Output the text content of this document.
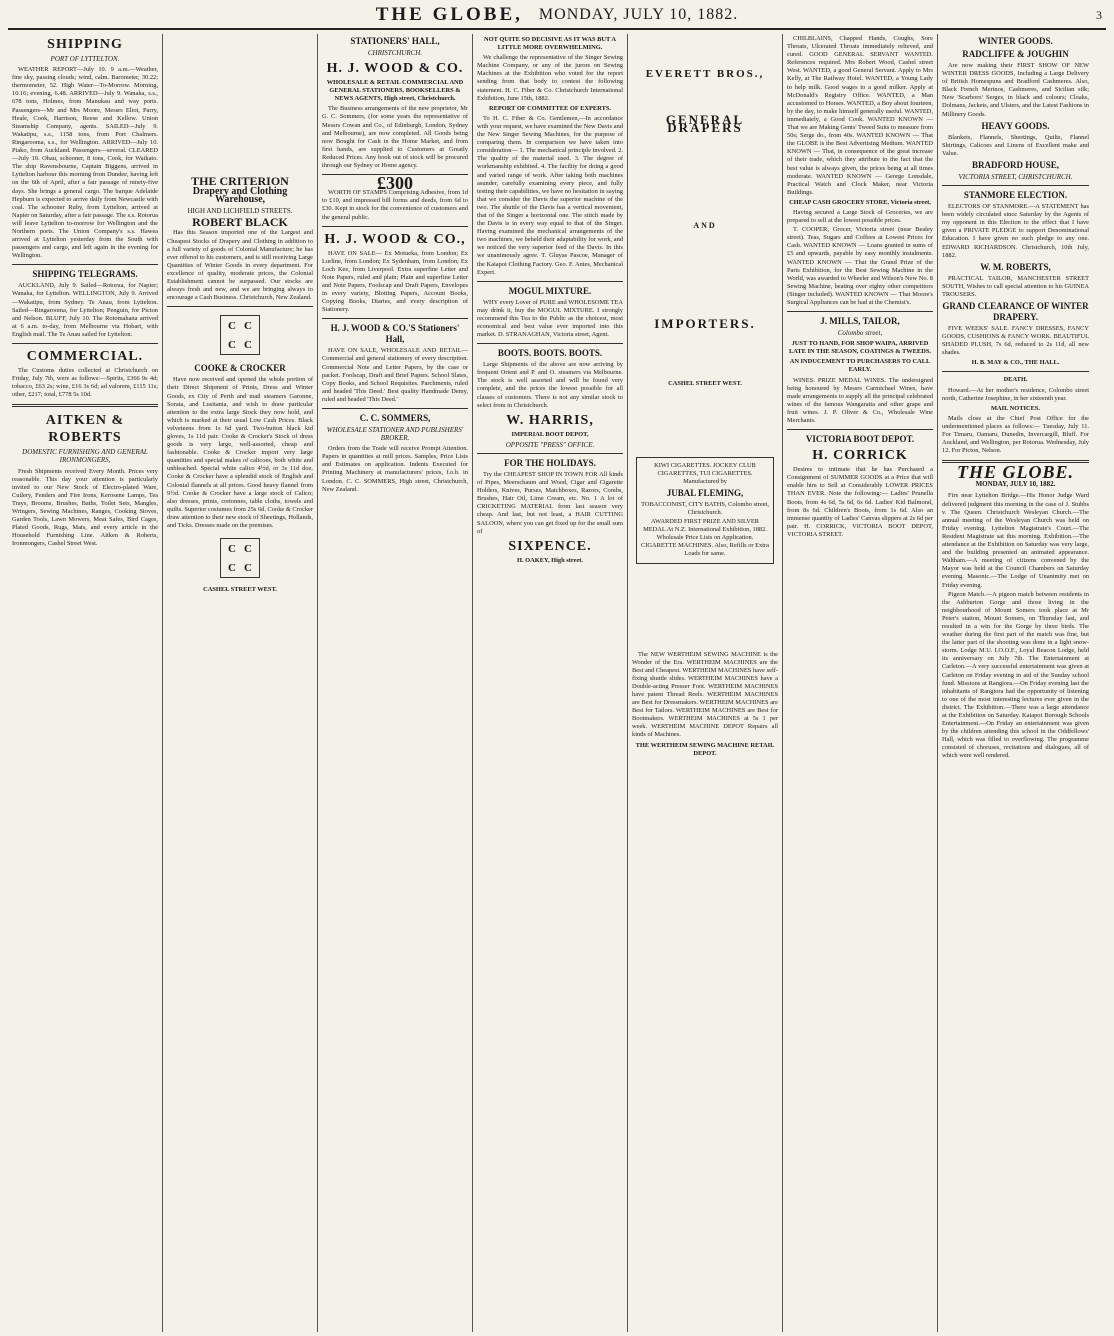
THE GLOBE, MONDAY, JULY 10, 1882.	3
SHIPPING
PORT OF LYTTELTON.

WEATHER REPORT—July 10. 9 a.m.—Weather, fine sky, passing clouds; wind, calm. Barometer, 30.22; thermometer, 52. High Water—To-Morrow. Morning, 10.16; evening, 6.48. ARRIVED—July 9. Wanaka, s.s., 678 tons, Holmes, from Manukau and way ports. Passengers—Mr and Mrs Moore, Messrs Eliot, Parry, Heale, Cook, Harrison, Reese and Kellow. Union Steamship Company, agents. SAILED—July 9. Wakatipu, s.s., 1158 tons, from Port Chalmers. Ringarooma, s.s., for Wellington. ARRIVED—July 10. Piako, from Auckland. Passengers—several. CLEARED—July 10. Ohau, schooner, 8 tons, Cook, for Waikato. The ship Ravensbourne, Captain Biggens, arrived in Lyttelton harbour this morning from Dundee, having left on the 6th of April, after a fair passage of ninety-five days. She brings a general cargo. The barque Adelaide Hepburn is expected to arrive daily from Newcastle with coal. The schooner Ruby, from Lyttelton, arrived at Napier on Saturday, after a fair passage. The s.s. Rotorua will leave Lyttelton to-morrow for Wellington and the Northern ports. The Union Company's s.s. Hawea arrived at Lyttelton yesterday from the South with passengers and cargo, and left again in the evening for Wellington.

SHIPPING TELEGRAMS.

AUCKLAND, July 9. Sailed—Rotorua, for Napier; Wanaka, for Lyttelton. WELLINGTON, July 9. Arrived—Wakatipu, from Sydney. Te Anau, from Lyttelton. Sailed—Ringarooma, for Lyttelton; Penguin, for Picton and Nelson. BLUFF, July 10. The Rotomahana arrived at 6 a.m. to-day, from Melbourne via Hobart, with English mail. The Te Anau sailed for Lyttelton.

COMMERCIAL.

The Customs duties collected at Christchurch on Friday, July 7th, were as follows:—Spirits, £366 9s 4d; tobacco, £63 2s; wine, £16 3s 6d; ad valorem, £115 11s; other, £217; total, £778 5s 10d.

AITKEN & ROBERTS
DOMESTIC FURNISHING AND GENERAL IRONMONGERS,

Fresh Shipments received Every Month. Prices very reasonable. This day your attention is particularly invited to our New Stock of Electro-plated Ware, Cutlery, Fenders and Fire Irons, Kerosene Lamps, Tea Trays, Brooms, Brushes, Baths, Toilet Sets, Mangles, Wringers, Sewing Machines, Ranges, Cooking Stoves, Garden Tools, Lawn Mowers, Meat Safes, Bird Cages, Plated Goods, Rugs, Mats, and every article in the Household Furnishing Line. Aitken & Roberts, Ironmongers, Cashel Street West.

THE CRITERION
Drapery and Clothing Warehouse,
HIGH AND LICHFIELD STREETS.
ROBERT BLACK

Has this Season imported one of the Largest and Cheapest Stocks of Drapery and Clothing in addition to a full variety of goods of Colonial Manufacture; he has ever offered to his customers, and is still receiving Large Quantities of Winter Goods in every department. For excellence of quality, moderate prices, the Colonial Establishment cannot be surpassed. Our stocks are always fresh and new, and we are bringing always to encourage a Cash Business. Christchurch, New Zealand.

C C
C C
COOKE & CROCKER

Have now received and opened the whole portion of their Direct Shipment of Prints, Dress and Winter Goods, ex City of Perth and mail steamers Garonne, Sorata, and Lusitania, and wish to draw particular attention to the extra large Stock they now hold, and which is marked at their usual Low Cash Prices. Black velveteens from 1s 6d yard. Two-button black kid gloves, 1s 11d pair. Cooke & Crocker's Stock of dress goods is very large, well-assorted, cheap and fashionable. Cooke & Crocker import very large quantities and special makes of calicoes, both white and unbleached. Special white calico 4½d, or 3s 11d doz. Cooke & Crocker have a splendid stock of English and Colonial flannels at all prices. Good heavy flannel from 9½d. Cooke & Crocker have a large stock of Calico; also dresses, prints, cretonnes, table cloths, towels and quilts. Superior costumes from 25s 6d. Cooke & Crocker draw attention to their new stock of Sheetings, Hollands, and Ticks. Dresses made on the premises.

C C
C C
CASHEL STREET WEST.
STATIONERS' HALL,
CHRISTCHURCH.
H. J. WOOD & CO.
WHOLESALE & RETAIL COMMERCIAL AND GENERAL STATIONERS, BOOKSELLERS & NEWS AGENTS, High street, Christchurch.

The Business arrangements of the new proprietor, Mr G. C. Sommers, (for some years the representative of Messrs Cowan and Co., of Edinburgh, London, Sydney and Melbourne), are now completed. All Goods being now Bought for Cash in the Home Market, and from first hands, are supplied to Customers at Greatly Reduced Prices. Any book out of stock will be procured through our Sydney or Home agency.

£300

WORTH OF STAMPS Comprising Adhesive, from 1d to £10, and impressed bill forms and deeds, from 6d to £30. Kept in stock for the convenience of customers and the general public.

H. J. WOOD & CO.,

HAVE ON SALE— Ex Motueka, from London; Ex Lurline, from London; Ex Sydenham, from London; Ex Loch Kee, from Liverpool. Extra superfine Letter and Note Papers, ruled and plain; Plain and superfine Letter and Note Papers, Foolscap and Draft Papers, Envelopes in every variety, Blotting Papers, Account Books, Copying Books, Diaries, and every description of Stationery.

H. J. WOOD & CO.'S Stationers' Hall,

HAVE ON SALE, WHOLESALE AND RETAIL— Commercial and general stationery of every description. Commercial Note and Letter Papers, by the case or packet. Foolscap, Draft and Brief Papers. School Slates, Copy Books, and School Requisites. Parchments, ruled and headed 'This Deed.' Best quality Handmade Demy, ruled and headed 'This Deed.'

C. C. SOMMERS,
WHOLESALE STATIONER AND PUBLISHERS' BROKER.

Orders from the Trade will receive Prompt Attention. Papers in quantities at mill prices. Samples, Price Lists and Estimates on application. Indents Executed for Printing Machinery at manufacturers' prices, f.o.b. in London. C. C. SOMMERS, High street, Christchurch, New Zealand.

NOT QUITE SO DECISIVE AS IT WAS BUT A LITTLE MORE OVERWHELMING.

We challenge the representative of the Singer Sewing Machine Company, or any of the jurors on Sewing Machines at the Exhibition who voted for the report sending from that body to contest the following statement. H. C. Fiber & Co. Christchurch International Exhibition, June 15th, 1882.

REPORT OF COMMITTEE OF EXPERTS.

To H. C. Fiber & Co. Gentlemen,—In accordance with your request, we have examined the New Davis and the New Singer Sewing Machines, for the purpose of comparing them. In comparison we have taken into consideration— 1. The mechanical principle involved. 2. The quality of the material used. 3. The degree of workmanship exhibited. 4. The facility for doing a good and varied range of work. After taking both machines asunder, carefully examining every piece, and fully testing their capabilities, we have no hesitation in saying that we consider the Davis the superior machine of the two. The shuttle of the Davis has a vertical movement, that of the Singer a horizontal one. The stitch made by the Davis is in every way equal to that of the Singer. Having examined the mechanical arrangements of the two machines, we beheld their adaptability for work, and we noticed the very superior feed of the Davis. In this we unanimously agree. T. Gluyas Pascoe, Manager of the Kaiapoi Clothing Factory. Geo. F. Antes, Mechanical Expert.

MOGUL MIXTURE.

WHY every Lover of PURE and WHOLESOME TEA may drink it, buy the MOGUL MIXTURE. I strongly recommend this Tea to the Public as the choicest, most economical and best value ever imported into this market. D. STRANAGHAN, Victoria street, Agent.

BOOTS. BOOTS. BOOTS.

Large Shipments of the above are now arriving by frequent Orient and P. and O. steamers via Melbourne. The stock is well assorted and will be found very complete, and the prices the lowest possible for all classes of customers. There is not any similar stock to select from in Christchurch.

W. HARRIS,
IMPERIAL BOOT DEPOT,
OPPOSITE "PRESS" OFFICE.
FOR THE HOLIDAYS.

Try the CHEAPEST SHOP IN TOWN FOR All kinds of Pipes, Meerschaum and Wood, Cigar and Cigarette Holders, Knives, Purses, Matchboxes, Razors, Combs, Brushes, Hair Oil, Lime Cream, etc. No. 1 A lot of CRICKETING MATERIAL from last season very cheap. And last, but not least, a HAIR CUTTING SALOON, where you can get fixed up for the small sum of

SIXPENCE.
H. OAKEY, High street.
EVERETT BROS.,
GENERAL DRAPERS
AND
IMPORTERS.
CASHEL STREET WEST.

KIWI CIGARETTES. JOCKEY CLUB CIGARETTES, TUI CIGARETTES. Manufactured by

JUBAL FLEMING,

TOBACCONIST, CITY BATHS, Colombo street, Christchurch.

AWARDED FIRST PRIZE AND SILVER MEDAL At N.Z. International Exhibition, 1882. Wholesale Price Lists on Application. CIGARETTE MACHINES. Also, Refills or Extra Loads for same.

The NEW WERTHEIM SEWING MACHINE is the Wonder of the Era. WERTHEIM MACHINES are the Best and Cheapest. WERTHEIM MACHINES have self-fixing shuttle slides. WERTHEIM MACHINES have a Double-acting Presser Foot. WERTHEIM MACHINES have patent Thread Reels. WERTHEIM MACHINES are Best for Dressmakers. WERTHEIM MACHINES are Best for Tailors. WERTHEIM MACHINES are Best for Bootmakers. WERTHEIM MACHINES at 5s 1 per week. WERTHEIM MACHINE DEPOT Repairs all kinds of Machines.

THE WERTHEIM SEWING MACHINE RETAIL DEPOT.

CHILBLAINS, Chapped Hands, Coughs, Sore Throats, Ulcerated Throats immediately relieved, and cured. GOOD GENERAL SERVANT WANTED. References required. Mrs Robert Wood, Cashel street West. WANTED, a good General Servant. Apply to Mrs Kelly, at The Railway Hotel. WANTED, a Young Lady to help milk. Good wages to a good milker. Apply at McDonald's Registry Office. WANTED, a Man accustomed to Horses. WANTED, a Boy about fourteen, by the day, to make himself generally useful. WANTED, immediately, a Good Cook. WANTED KNOWN — That we are Making Gents' Tweed Suits to measure from 50s; Serge do., from 40s. WANTED KNOWN — That the GLOBE is the Best Advertising Medium. WANTED KNOWN — That, in consequence of the great increase of their trade, which they attribute to the fact that the best value is always given, the prices being at all times moderate. WANTED KNOWN — George Lonsdale, Practical Watch and Clock Maker, near Victoria Buildings.

CHEAP CASH GROCERY STORE, Victoria street,

Having secured a Large Stock of Groceries, we are prepared to sell at the lowest possible prices.

T. COOPER, Grocer, Victoria street (near Bealey street). Teas, Sugars and Coffees at Lowest Prices for Cash. WANTED KNOWN — Loans granted in sums of £5 and upwards, payable by easy monthly instalments. WANTED KNOWN — That the Grand Prize of the Paris Exhibition, for the Best Sewing Machine in the World, was awarded to Wheeler and Wilson's New No. 8 Sewing Machine, beating over eighty other competitors (Singer included). WANTED KNOWN — That Moore's Surgical Appliances can be had at the Chemist's.

J. MILLS, TAILOR,
Colombo street,
JUST TO HAND, FOR SHOP WAIPA, ARRIVED LATE IN THE SEASON, COATINGS & TWEEDS.
AN INDUCEMENT TO PURCHASERS TO CALL EARLY.

WINES. PRIZE MEDAL WINES. The undersigned being honoured by Messrs Carmichael Wines, have made arrangements to supply all the principal celebrated wines of the famous Wangaratta and other grape and fruit wines. J. P. Oliver & Co., Wholesale Wine Merchants.

VICTORIA BOOT DEPOT.
H. CORRICK

Desires to intimate that he has Purchased a Consignment of SUMMER GOODS at a Price that will enable him to Sell at Considerably LOWER PRICES THAN EVER. Note the following:— Ladies' Prunella Boots, from 4s 6d, 5s 6d, 6s 6d. Ladies' Kid Balmoral, from 8s 6d. Children's Boots, from 1s 6d. Also an immense quantity of Ladies' Canvas slippers at 2s 6d per pair. H. CORRICK, VICTORIA BOOT DEPOT, VICTORIA STREET.

WINTER GOODS.
RADCLIFFE & JOUGHIN

Are now making their FIRST SHOW OF NEW WINTER DRESS GOODS, Including a Large Delivery of British Homespuns and Bradford Cashmeres. Also, Black French Merinos, Cashmeres, and Sicilian silk; New 'Scarboro' Serges, in black and colours; Cloaks, Dolmans, Jackets, and Ulsters, and the Latest Fashions in Millinery Goods.

HEAVY GOODS.

Blankets, Flannels, Sheetings, Quilts, Flannel Shirtings, Calicoes and Linens of Excellent make and Value.

BRADFORD HOUSE,
VICTORIA STREET, CHRISTCHURCH.
STANMORE ELECTION.

ELECTORS OF STANMORE.—A STATEMENT has been widely circulated since Saturday by the Agents of my opponent in this Election to the effect that I have given a PRIVATE PLEDGE to support Denominational Education. I have given no such pledge to any one. EDWARD RICHARDSON. Christchurch, 10th July, 1882.

W. M. ROBERTS,

PRACTICAL TAILOR, MANCHESTER STREET SOUTH, Wishes to call special attention to his GUINEA TROUSERS.

GRAND CLEARANCE OF WINTER DRAPERY.

FIVE WEEKS' SALE. FANCY DRESSES, FANCY GOODS, CUSHIONS & FANCY WORK. BEAUTIFUL SHADED PLUSH, 7s 6d, reduced to 2s 11d, all new shades.

H. B. MAY & CO., THE HALL.
DEATH.

Howard.—At her mother's residence, Colombo street north, Catherine Josephine, in her sixteenth year.

MAIL NOTICES.

Mails close at the Chief Post Office for the undermentioned places as follows:— Tuesday, July 11. For Timaru, Oamaru, Dunedin, Invercargill, Bluff. For Auckland, and Wellington, per Rotorua. Wednesday, July 12. For Picton, Nelson.

THE GLOBE.
MONDAY, JULY 10, 1882.

Fire near Lyttelton Bridge.—His Honor Judge Ward delivered judgment this morning in the case of J. Stubbs v. The Queen. Christchurch Wesleyan Church.—The annual meeting of the Wesleyan Church was held on Friday evening. Lyttelton Magistrate's Court.—The Resident Magistrate sat this morning. Exhibition.—The attendance at the Exhibition on Saturday was very large, and the building presented an animated appearance. Waltham.—A meeting of citizens convened by the Mayor was held at the Council Chambers on Saturday evening. Masonic.—The Lodge of Unanimity met on Friday evening.

Pigeon Match.—A pigeon match between residents in the Ashburton Gorge and those living in the neighbourhood of Mount Somers took place at Mr Peter's station, Mount Somers, on Thursday last, and resulted in a win for the Gorge by three birds. The weather during the first part of the match was fine, but the latter part of the shooting was done in a light snow-storm. Lodge M.U. I.O.O.F., Loyal Beacon Lodge, held its anniversary on July 7th. The Entertainment at Carleton.—A very successful entertainment was given at Carleton on Friday evening in aid of the Sunday school fund. Missions at Rangiora.—On Friday evening last the inhabitants of Rangiora had the opportunity of listening to one of the most interesting lectures ever given in the district. The Exhibition.—There was a large attendance at the Exhibition on Saturday. Kaiapoi Borough Schools Entertainment.—On Friday an entertainment was given by the children attending this school in the Oddfellows' Hall, which was filled to overflowing. The programme consisted of choruses, recitations and dialogues, all of which were well rendered.
